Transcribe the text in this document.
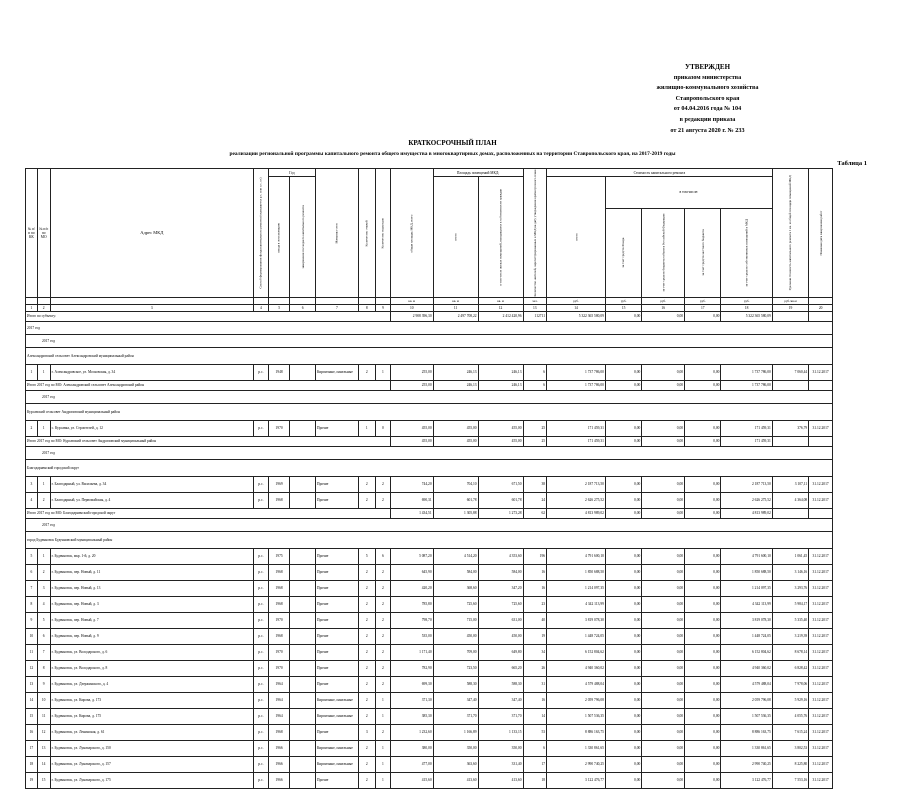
УТВЕРЖДЕН
приказом министерства
жилищно-коммунального хозяйства
Ставропольского края
от 04.04.2016 года № 104
в редакции приказа
от 21 августа 2020 г. № 233
КРАТКОСРОЧНЫЙ ПЛАН
реализации региональной программы капитального ремонта общего имущества в многоквартирных домах, расположенных на территории Ставропольского края, на 2017-2019 годы
Таблица 1
№ п/п по КК	№ п/п по МО	Адрес МКД	Способ формирования фонда капитального ремонта (указывается р.с. или о.с. ос)	Год		Материал стен	Количество этажей	Количество подъездов	общая площадь МКД, всего	Площадь помещений МКД:		Количество жителей, зарегистрированных в МКД на дату утверждения краткосрочного плана	Стоимость капитального ремонта					Удельная стоимость капитального ремонта 1 кв. м общей площади помещений МКД	Плановая дата завершения работ
				ввода в эксплуатацию	завершения последнего капитального ремонта					всего	в том числе жилых помещений, находящихся в собственности граждан		всего	в том числе:					
														за счет средств Фонда	за счет средств бюджета субъекта Российской Федерации	за счет средств местного бюджета	за счет средств собственников помещений в МКД		
									кв. м	кв. м	кв. м	чел.	руб.	руб.	руб.	руб.	руб.	руб./кв.м	
1	2	3	4	5	6	7	8	9	10	11	12	13	14	15	16	17	18	19	20
Итого по субъекту:									2 908 396,30	2 497 708,22	2 412 420,96	112711	5 322 365 580,09	0,00	0,00	0,00	5 322 365 580,09		
2017 год																			
2017 год																			
Александровский сельсовет Александровский муниципальный район																			
1	1	г. Александровское, ул. Московская, д. 34	р.с.	1948		Кирпичные, панельные	2	1	255,00	246,13	246,13	6	1 737 786,00	0,00	0,00	0,00	1 737 786,00	7 060,44	31.12.2017
Итого 2017 год по МО: Александровский сельсовет Александровский район									255,00	246,13	246,13	6	1 737 786,00	0,00	0,00	0,00	1 737 786,00		
2017 год																			
Курсавский сельсовет Андроповский муниципальный район																			
2	1	с. Курсавка, ул. Строителей, д. 12	р.с.	1970		Прочие	1	0	455,00	455,00	455,00	25	171 459,31	0,00	0,00	0,00	171 459,31	376,79	31.12.2017
Итого 2017 год по МО: Курсавский сельсовет Андроповский муниципальный район									455,00	455,00	455,00	25	171 459,31	0,00	0,00	0,00	171 459,31		
2017 год																			
Благодарненский городской округ																			
3	1	г. Благодарный, ул. Васильева, д. 34	р.с.	1969		Прочие	2	2	744,20	704,10	671,50	38	2 187 713,50	0,00	0,00	0,00	2 187 713,50	3 107,11	31.12.2017
4	2	г. Благодарный, ул. Первомайская, д. 4	р.с.	1968		Прочие	2	2	690,31	601,78	601,78	24	2 626 275,52	0,00	0,00	0,00	2 626 275,52	4 364,08	31.12.2017
Итого 2017 год по МО: Благодарненский городской округ									1 434,51	1 305,88	1 273,28	62	4 813 989,02	0,00	0,00	0,00	4 813 989,02		
2017 год																			
город Буденновск Буденновский муниципальный район																			
5	1	г. Буденновск, мкр. 1-й, д. 20	р.с.	1975		Прочие	5	6	5 087,20	4 514,20	4 353,60	196	4 791 600,10	0,00	0,00	0,00	4 791 600,10	1 061,45	31.12.2017
6	2	г. Буденновск, пер. Новый, д. 11	р.с.	1968		Прочие	2	2	645,90	584,00	584,00	16	1 850 688,50	0,00	0,00	0,00	1 850 688,50	3 146,16	31.12.2017
7	3	г. Буденновск, пер. Новый, д. 13	р.с.	1968		Прочие	2	2	420,20	368,60	347,20	16	1 214 097,35	0,00	0,00	0,00	1 214 097,35	3 293,76	31.12.2017
8	4	г. Буденновск, пер. Новый, д. 3	р.с.	1968		Прочие	2	2	785,80	725,60	725,60	23	4 342 113,99	0,00	0,00	0,00	4 342 113,99	5 984,17	31.12.2017
9	5	г. Буденновск, пер. Новый, д. 7	р.с.	1970		Прочие	2	2	798,70	715,00	631,00	40	3 819 078,30	0,00	0,00	0,00	3 819 078,30	5 335,40	31.12.2017
10	6	г. Буденновск, пер. Новый, д. 9	р.с.	1968		Прочие	2	2	535,00	450,00	450,00	19	1 448 724,05	0,00	0,00	0,00	1 448 724,05	3 219,39	31.12.2017
11	7	г. Буденновск, ул. Володарского, д. 6	р.с.	1970		Прочие	2	2	1 171,40	709,00	649,80	34	6 152 804,62	0,00	0,00	0,00	6 152 804,62	8 678,14	31.12.2017
12	8	г. Буденновск, ул. Володарского, д. 8	р.с.	1970		Прочие	2	2	782,90	723,50	665,20	26	4 940 360,02	0,00	0,00	0,00	4 940 360,02	6 828,42	31.12.2017
13	9	г. Буденновск, ул. Дзержинского, д. 4	р.с.	1964		Прочие	2	2	699,30	588,30	588,30	31	4 579 488,04	0,00	0,00	0,00	4 579 488,04	7 978,06	31.12.2017
14	10	г. Буденновск, ул. Кирова, д. 173	р.с.	1964		Кирпичные, панельные	2	1	371,30	347,40	347,40	16	2 059 796,08	0,00	0,00	0,00	2 059 796,08	5 929,16	31.12.2017
15	11	г. Буденновск, ул. Кирова, д. 175	р.с.	1964		Кирпичные, панельные	2	1	385,30	371,70	371,70	14	1 507 536,35	0,00	0,00	0,00	1 507 536,35	4 055,76	31.12.2017
16	12	г. Буденновск, ул. Ленинская, д. 61	р.с.	1968		Прочие	3	2	1 232,60	1 166,89	1 133,15	53	8 886 163,75	0,00	0,00	0,00	8 886 163,75	7 615,24	31.12.2017
17	13	г. Буденновск, ул. Луначарского, д. 150	р.с.	1966		Кирпичные, панельные	2	1	380,00	350,00	350,00	6	1 330 861,65	0,00	0,00	0,00	1 330 861,65	3 802,53	31.12.2017
18	14	г. Буденновск, ул. Луначарского, д. 157	р.с.	1966		Кирпичные, панельные	2	1	477,00	363,60	331,40	17	2 990 740,25	0,00	0,00	0,00	2 990 740,25	8 225,80	31.12.2017
19	15	г. Буденновск, ул. Луначарского, д. 175	р.с.	1966		Прочие	2	1	415,60	413,60	413,60	18	3 122 476,77	0,00	0,00	0,00	3 122 476,77	7 553,16	31.12.2017
